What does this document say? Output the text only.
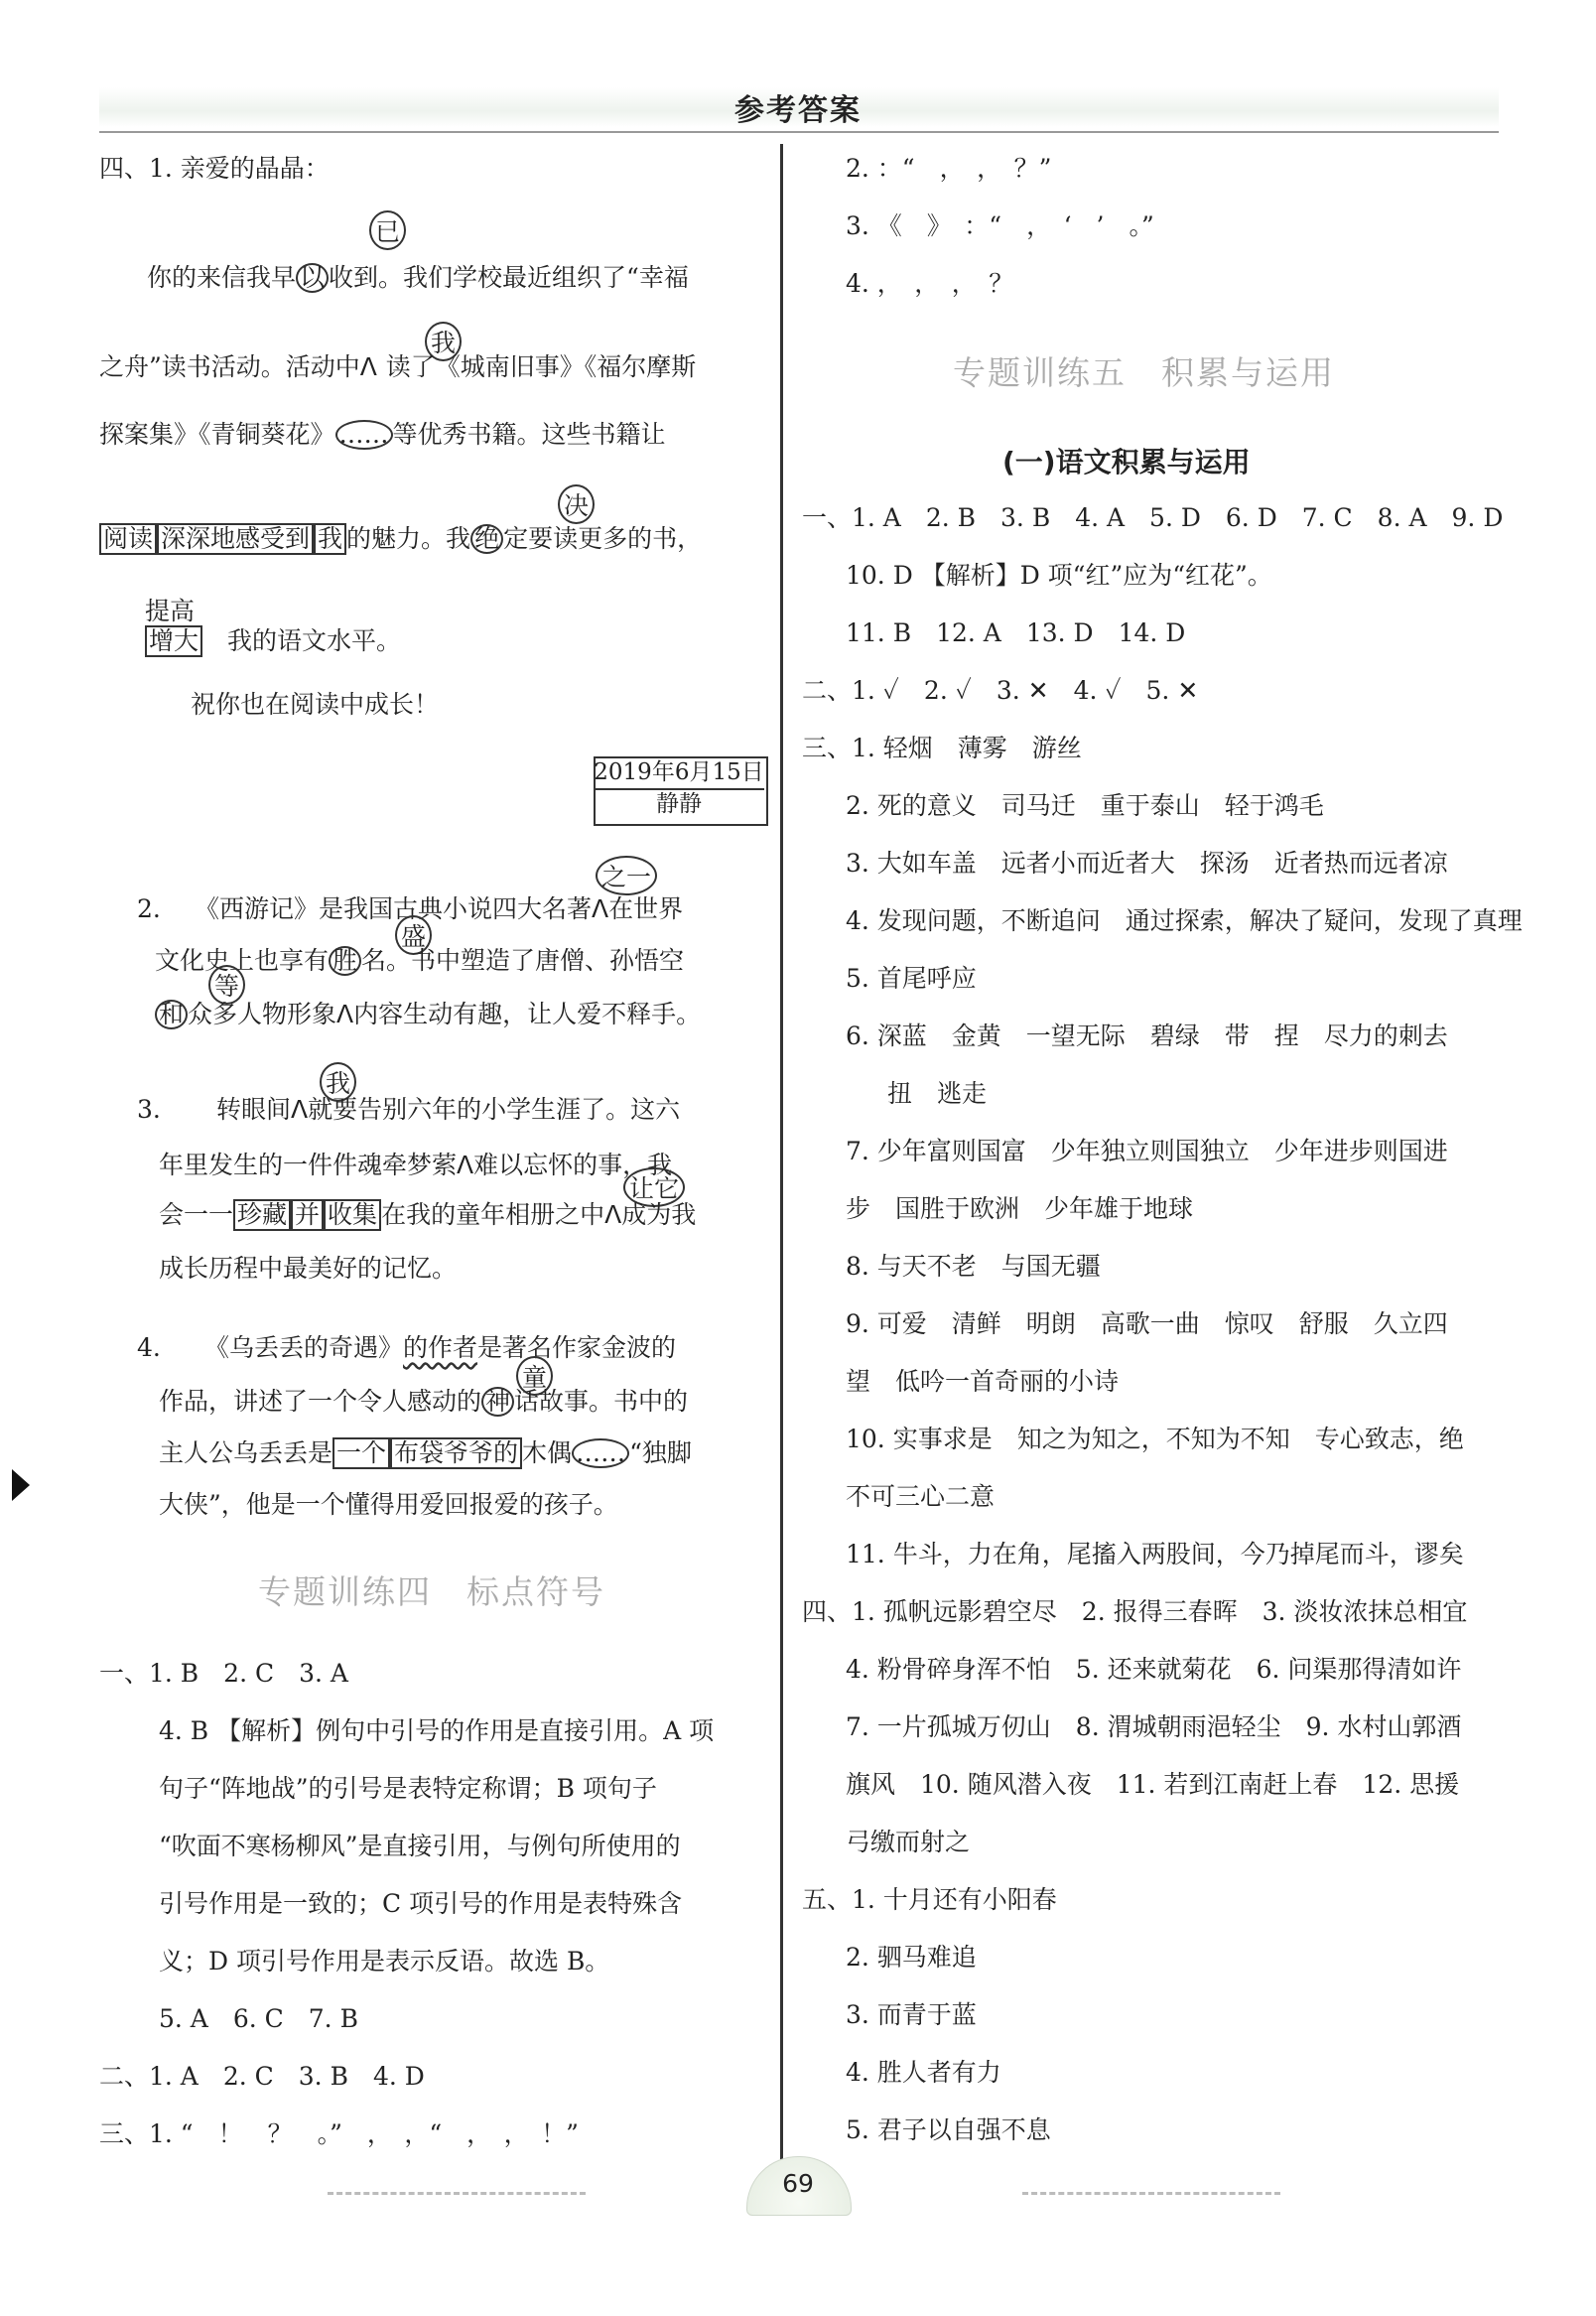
参考答案
四、1. 亲爱的晶晶：
已
你的来信我早 以 收到。我们学校最近组织了“幸福
我
之舟”读书活动。活动中ᐱ 读了《城南旧事》《福尔摩斯
探案集》《青铜葵花》 …… 等优秀书籍。这些书籍让
决
阅读 深深地感受到 我 的魅力。我 绝 定要读更多的书，
提高
增大　 我的语文水平。
祝你也在阅读中成长！
2019年6月15日
静静
之一
2. 《西游记》是我国古典小说四大名著ᐱ在世界
盛
文化史上也享有 胜 名。书中塑造了唐僧、孙悟空
等
和 众多人物形象ᐱ内容生动有趣，让人爱不释手。
我
3. 转眼间ᐱ就要告别六年的小学生涯了。这六
年里发生的一件件魂牵梦萦ᐱ难以忘怀的事，我
让它
会一一 珍藏 并 收集 在我的童年相册之中ᐱ成为我
成长历程中最美好的记忆。
4. 《乌丢丢的奇遇》的作者是著名作家金波的
童
作品，讲述了一个令人感动的 神 话故事。书中的
主人公乌丢丢是 一个 布袋爷爷的 木偶 …… “独脚
大侠”，他是一个懂得用爱回报爱的孩子。
专题训练四　标点符号
一、1. B　2. C　3. A
4. B 【解析】例句中引号的作用是直接引用。A 项
句子“阵地战”的引号是表特定称谓；B 项句子
“吹面不寒杨柳风”是直接引用，与例句所使用的
引号作用是一致的；C 项引号的作用是表特殊含
义；D 项引号作用是表示反语。故选 B。
5. A　6. C　7. B
二、1. A　2. C　3. B　4. D
三、1. “　！　？　。”　，　，“　，　，　！”
2. ：“　，　，　？”
3. 《　》　：“　，　‘　’　。”
4. ，　，　，　？
专题训练五　积累与运用
(一)语文积累与运用
一、1. A　2. B　3. B　4. A　5. D　6. D　7. C　8. A　9. D
10. D 【解析】D 项“红”应为“红花”。
11. B　12. A　13. D　14. D
二、1. ✓　2. ✓　3. ✕　4. ✓　5. ✕
三、1. 轻烟　薄雾　游丝
2. 死的意义　司马迁　重于泰山　轻于鸿毛
3. 大如车盖　远者小而近者大　探汤　近者热而远者凉
4. 发现问题，不断追问　通过探索，解决了疑问，发现了真理
5. 首尾呼应
6. 深蓝　金黄　一望无际　碧绿　带　捏　尽力的刺去
扭　逃走
7. 少年富则国富　少年独立则国独立　少年进步则国进
步　国胜于欧洲　少年雄于地球
8. 与天不老　与国无疆
9. 可爱　清鲜　明朗　高歌一曲　惊叹　舒服　久立四
望　低吟一首奇丽的小诗
10. 实事求是　知之为知之，不知为不知　专心致志，绝
不可三心二意
11. 牛斗，力在角，尾搐入两股间，今乃掉尾而斗，谬矣
四、1. 孤帆远影碧空尽　2. 报得三春晖　3. 淡妆浓抹总相宜
4. 粉骨碎身浑不怕　5. 还来就菊花　6. 问渠那得清如许
7. 一片孤城万仞山　8. 渭城朝雨浥轻尘　9. 水村山郭酒
旗风　10. 随风潜入夜　11. 若到江南赶上春　12. 思援
弓缴而射之
五、1. 十月还有小阳春
2. 驷马难追
3. 而青于蓝
4. 胜人者有力
5. 君子以自强不息
69
